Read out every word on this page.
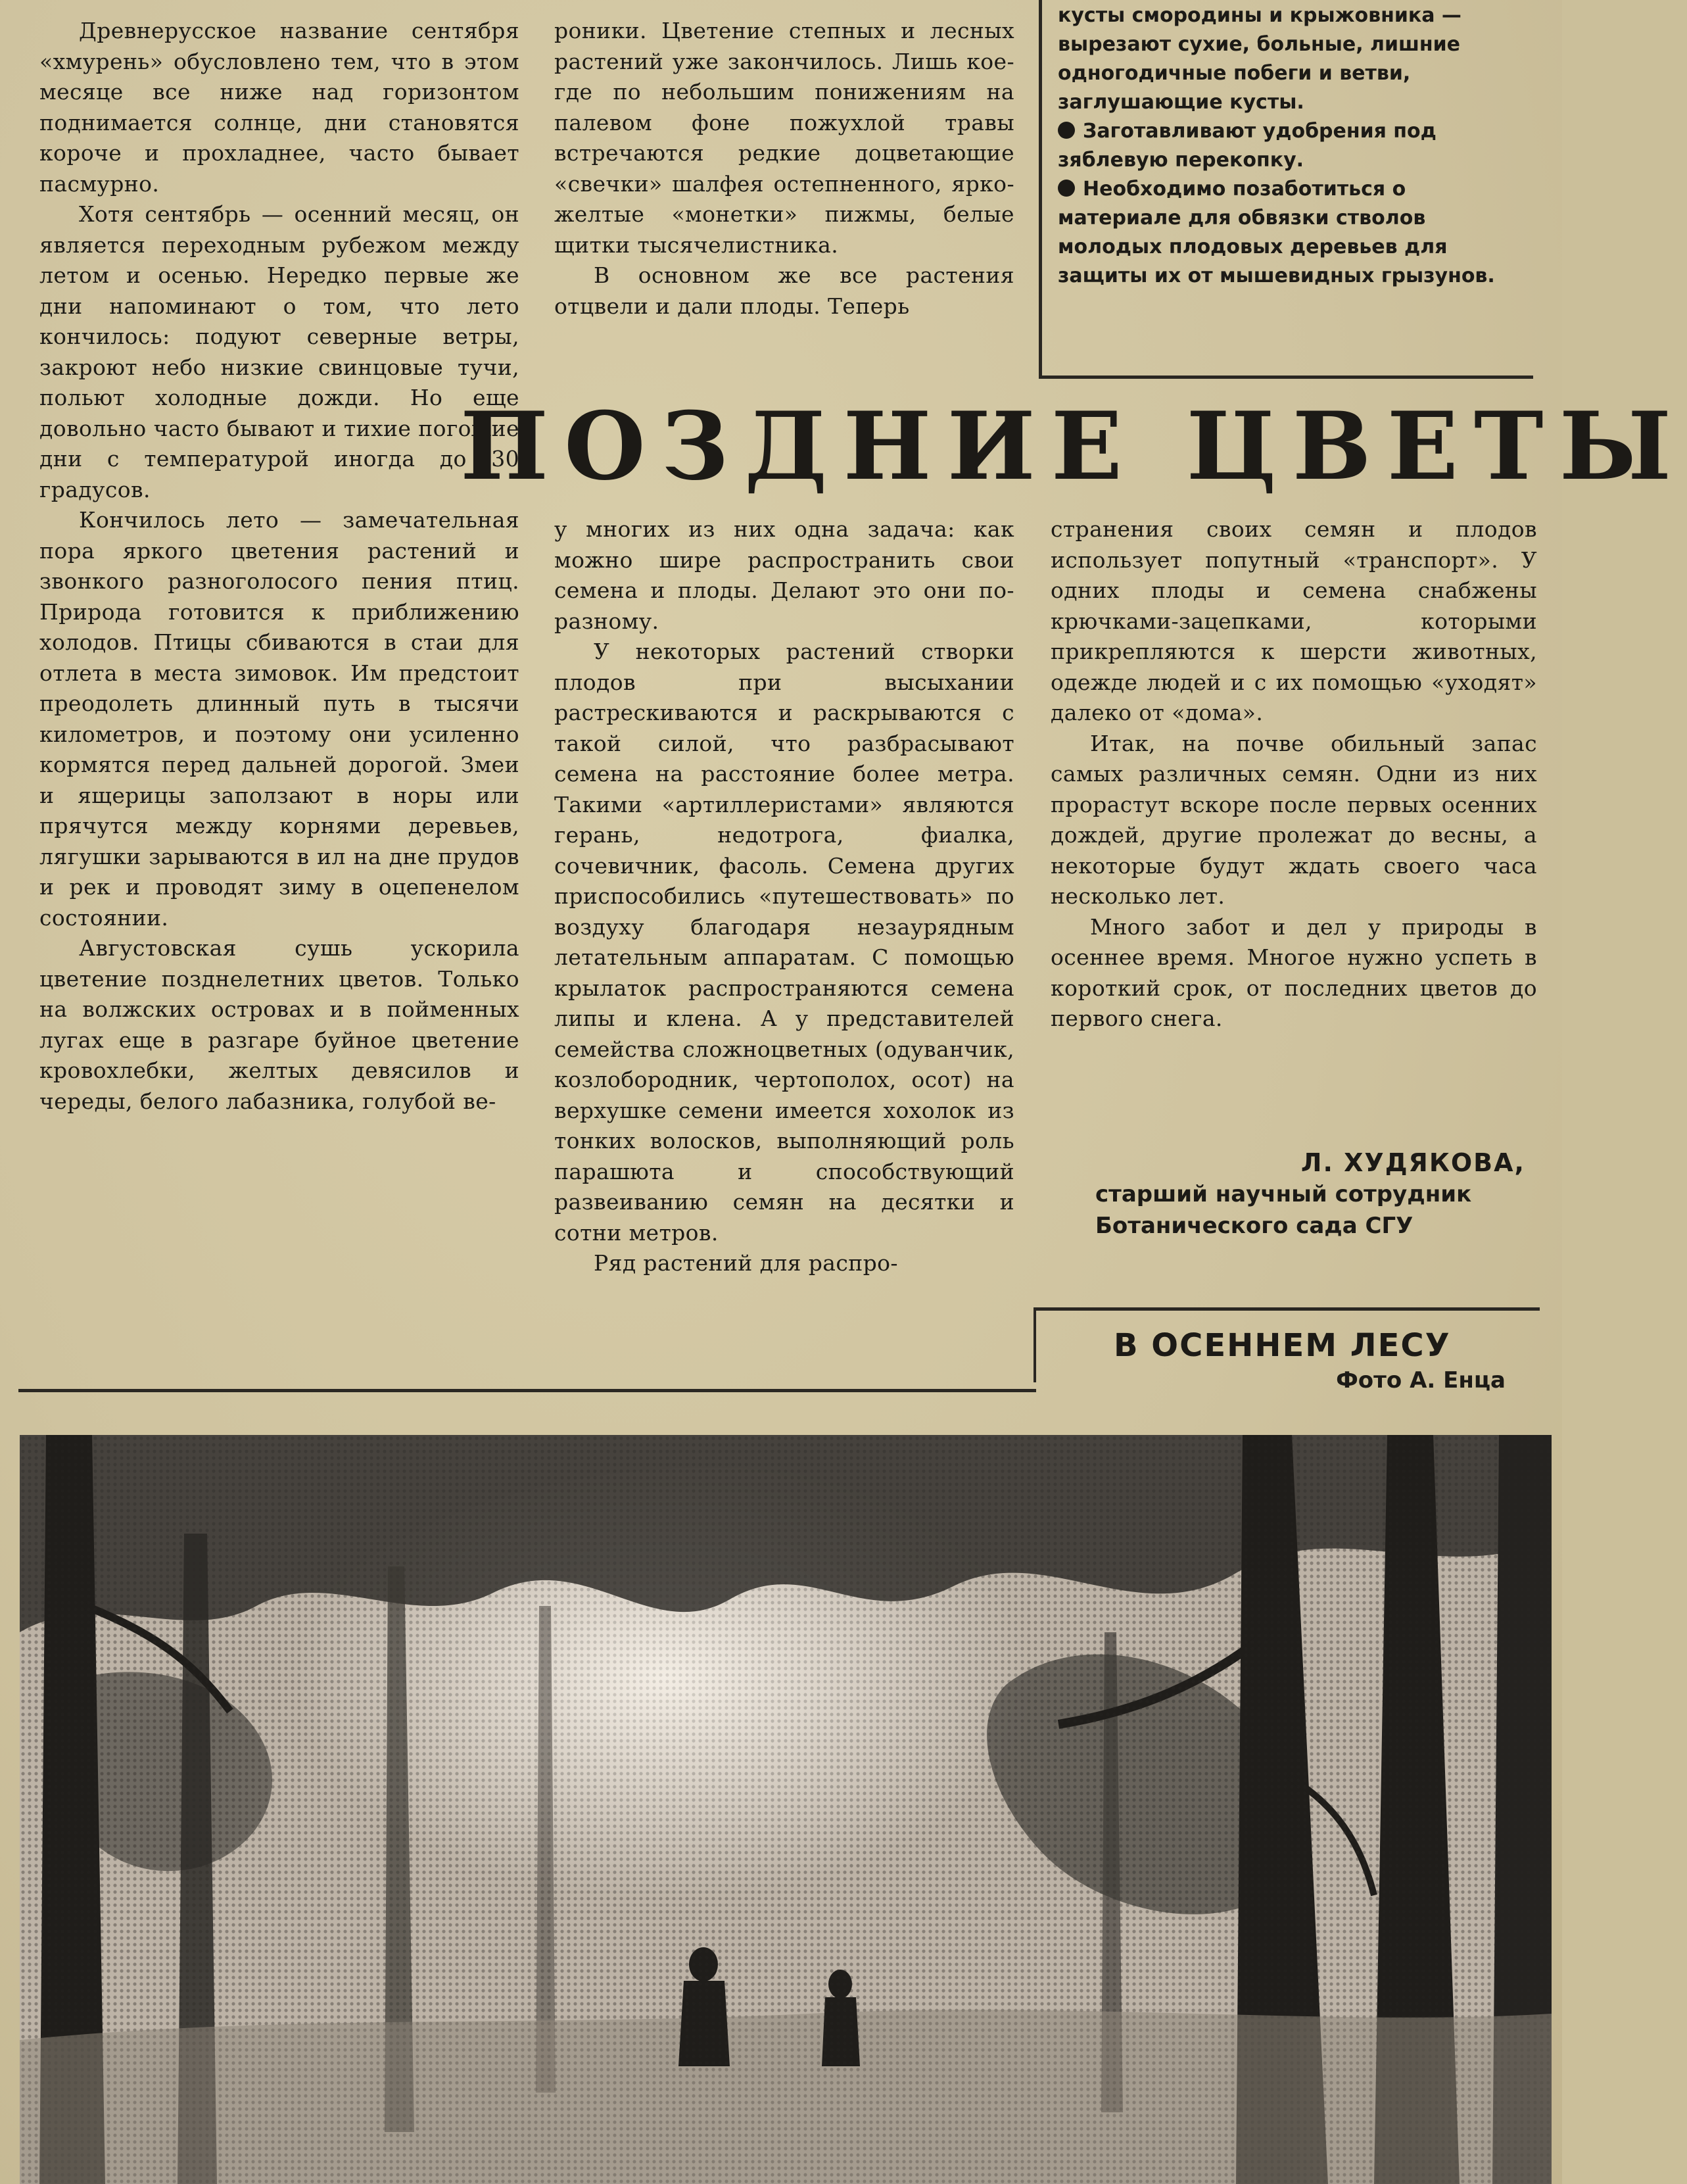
Древнерусское название сентября «хмурень» обусловлено тем, что в этом месяце все ниже над горизонтом поднимается солнце, дни становятся короче и прохладнее, часто бывает пасмурно.

Хотя сентябрь — осенний месяц, он является переходным рубежом между летом и осенью. Нередко первые же дни напоминают о том, что лето кончилось: подуют северные ветры, закроют небо низкие свинцовые тучи, польют холодные дожди. Но еще довольно часто бывают и тихие погожие дни с температурой иногда до 30 градусов.

Кончилось лето — замечательная пора яркого цветения растений и звонкого разноголосого пения птиц. Природа готовится к приближению холодов. Птицы сбиваются в стаи для отлета в места зимовок. Им предстоит преодолеть длинный путь в тысячи километров, и поэтому они усиленно кормятся перед дальней дорогой. Змеи и ящерицы заползают в норы или прячутся между корнями деревьев, лягушки зарываются в ил на дне прудов и рек и проводят зиму в оцепенелом состоянии.

Августовская сушь ускорила цветение позднелетних цветов. Только на волжских островах и в пойменных лугах еще в разгаре буйное цветение кровохлебки, желтых девясилов и череды, белого лабазника, голубой ве-

роники. Цветение степных и лесных растений уже закончилось. Лишь кое-где по небольшим понижениям на палевом фоне пожухлой травы встречаются редкие доцветающие «свечки» шалфея остепненного, ярко-желтые «монетки» пижмы, белые щитки тысячелистника.

В основном же все растения отцвели и дали плоды. Теперь

кусты смородины и крыжовника — вырезают сухие, больные, лишние одногодичные побеги и ветви, заглушающие кусты.

Заготавливают удобрения под зяблевую перекопку.

Необходимо позаботиться о материале для обвязки стволов молодых плодовых деревьев для защиты их от мышевидных грызунов.

ПОЗДНИЕ ЦВЕТЫ

у многих из них одна задача: как можно шире распространить свои семена и плоды. Делают это они по-разному.

У некоторых растений створки плодов при высыхании растрескиваются и раскрываются с такой силой, что разбрасывают семена на расстояние более метра. Такими «артиллеристами» являются герань, недотрога, фиалка, сочевичник, фасоль. Семена других приспособились «путешествовать» по воздуху благодаря незаурядным летательным аппаратам. С помощью крылаток распространяются семена липы и клена. А у представителей семейства сложноцветных (одуванчик, козлобородник, чертополох, осот) на верхушке семени имеется хохолок из тонких волосков, выполняющий роль парашюта и способствующий развеиванию семян на десятки и сотни метров.

Ряд растений для распро-

странения своих семян и плодов использует попутный «транспорт». У одних плоды и семена снабжены крючками-зацепками, которыми прикрепляются к шерсти животных, одежде людей и с их помощью «уходят» далеко от «дома».

Итак, на почве обильный запас самых различных семян. Одни из них прорастут вскоре после первых осенних дождей, другие пролежат до весны, а некоторые будут ждать своего часа несколько лет.

Много забот и дел у природы в осеннее время. Многое нужно успеть в короткий срок, от последних цветов до первого снега.

Л. ХУДЯКОВА,
старший научный сотрудник Ботанического сада СГУ
В ОСЕННЕМ ЛЕСУ
Фото А. Енца
